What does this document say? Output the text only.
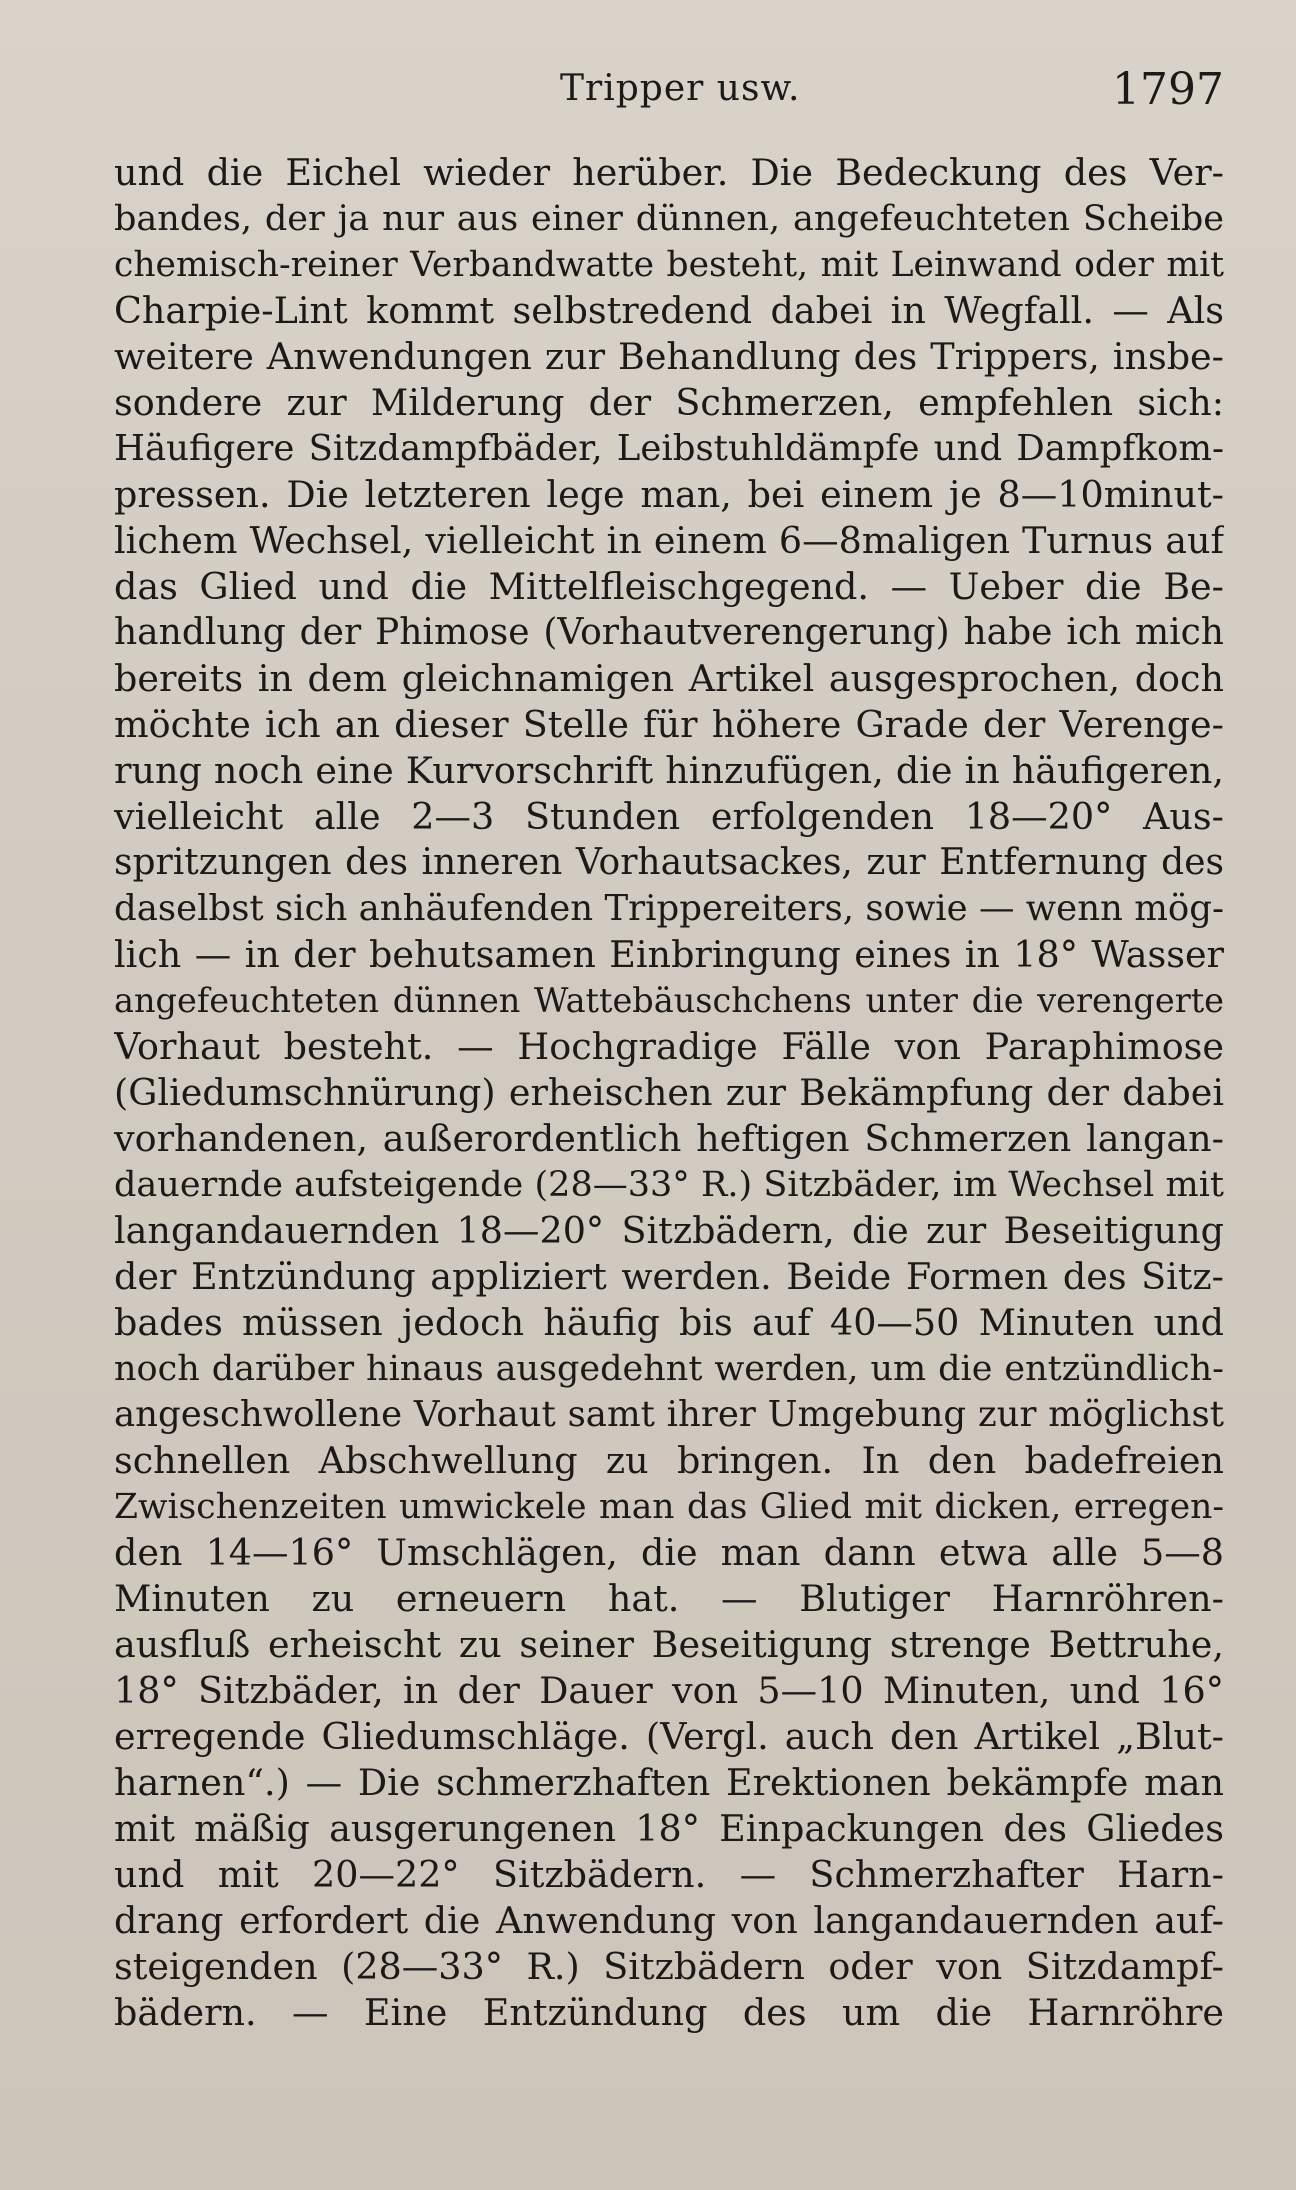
Tripper usw.	1797
und die Eichel wieder herüber. Die Bedeckung des Ver-
bandes, der ja nur aus einer dünnen, angefeuchteten Scheibe
chemisch-reiner Verbandwatte besteht, mit Leinwand oder mit
Charpie-Lint kommt selbstredend dabei in Wegfall. — Als
weitere Anwendungen zur Behandlung des Trippers, insbe-
sondere zur Milderung der Schmerzen, empfehlen sich:
Häufigere Sitzdampfbäder, Leibstuhldämpfe und Dampfkom-
pressen. Die letzteren lege man, bei einem je 8—10minut-
lichem Wechsel, vielleicht in einem 6—8maligen Turnus auf
das Glied und die Mittelfleischgegend. — Ueber die Be-
handlung der Phimose (Vorhautverengerung) habe ich mich
bereits in dem gleichnamigen Artikel ausgesprochen, doch
möchte ich an dieser Stelle für höhere Grade der Verenge-
rung noch eine Kurvorschrift hinzufügen, die in häufigeren,
vielleicht alle 2—3 Stunden erfolgenden 18—20° Aus-
spritzungen des inneren Vorhautsackes, zur Entfernung des
daselbst sich anhäufenden Trippereiters, sowie — wenn mög-
lich — in der behutsamen Einbringung eines in 18° Wasser
angefeuchteten dünnen Wattebäuschchens unter die verengerte
Vorhaut besteht. — Hochgradige Fälle von Paraphimose
(Gliedumschnürung) erheischen zur Bekämpfung der dabei
vorhandenen, außerordentlich heftigen Schmerzen langan-
dauernde aufsteigende (28—33° R.) Sitzbäder, im Wechsel mit
langandauernden 18—20° Sitzbädern, die zur Beseitigung
der Entzündung appliziert werden. Beide Formen des Sitz-
bades müssen jedoch häufig bis auf 40—50 Minuten und
noch darüber hinaus ausgedehnt werden, um die entzündlich-
angeschwollene Vorhaut samt ihrer Umgebung zur möglichst
schnellen Abschwellung zu bringen. In den badefreien
Zwischenzeiten umwickele man das Glied mit dicken, erregen-
den 14—16° Umschlägen, die man dann etwa alle 5—8
Minuten zu erneuern hat. — Blutiger Harnröhren-
ausfluß erheischt zu seiner Beseitigung strenge Bettruhe,
18° Sitzbäder, in der Dauer von 5—10 Minuten, und 16°
erregende Gliedumschläge. (Vergl. auch den Artikel „Blut-
harnen“.) — Die schmerzhaften Erektionen bekämpfe man
mit mäßig ausgerungenen 18° Einpackungen des Gliedes
und mit 20—22° Sitzbädern. — Schmerzhafter Harn-
drang erfordert die Anwendung von langandauernden auf-
steigenden (28—33° R.) Sitzbädern oder von Sitzdampf-
bädern. — Eine Entzündung des um die Harnröhre
